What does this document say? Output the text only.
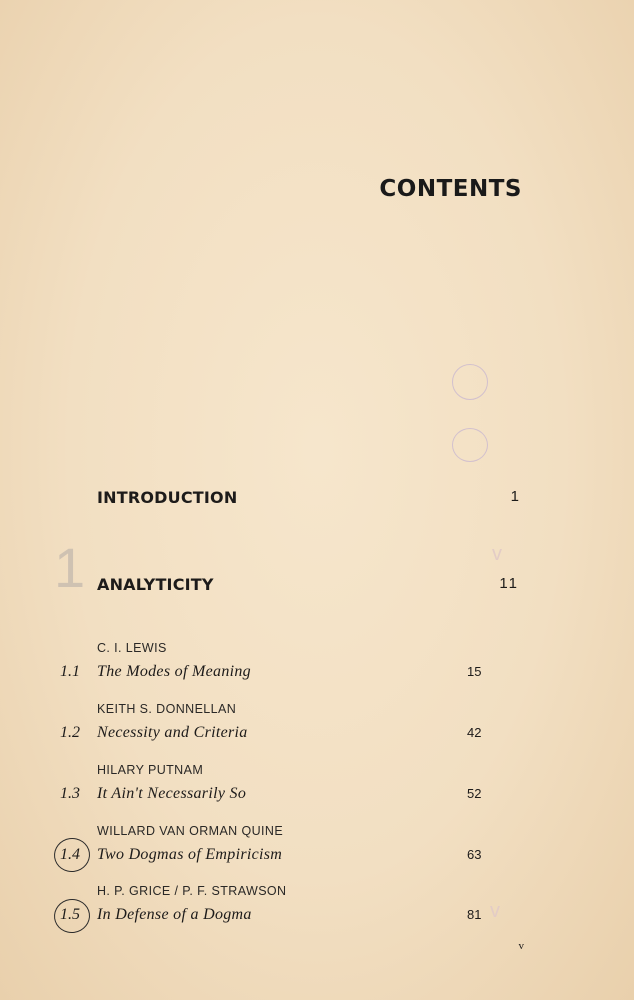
CONTENTS
v
INTRODUCTION	1
1 ANALYTICITY	11
C. I. LEWIS
1.1 The Modes of Meaning	15
KEITH S. DONNELLAN
1.2 Necessity and Criteria	42
HILARY PUTNAM
1.3 It Ain't Necessarily So	52
WILLARD VAN ORMAN QUINE
1.4 Two Dogmas of Empiricism	63
H. P. GRICE / P. F. STRAWSON
1.5 In Defense of a Dogma	81 v
v
